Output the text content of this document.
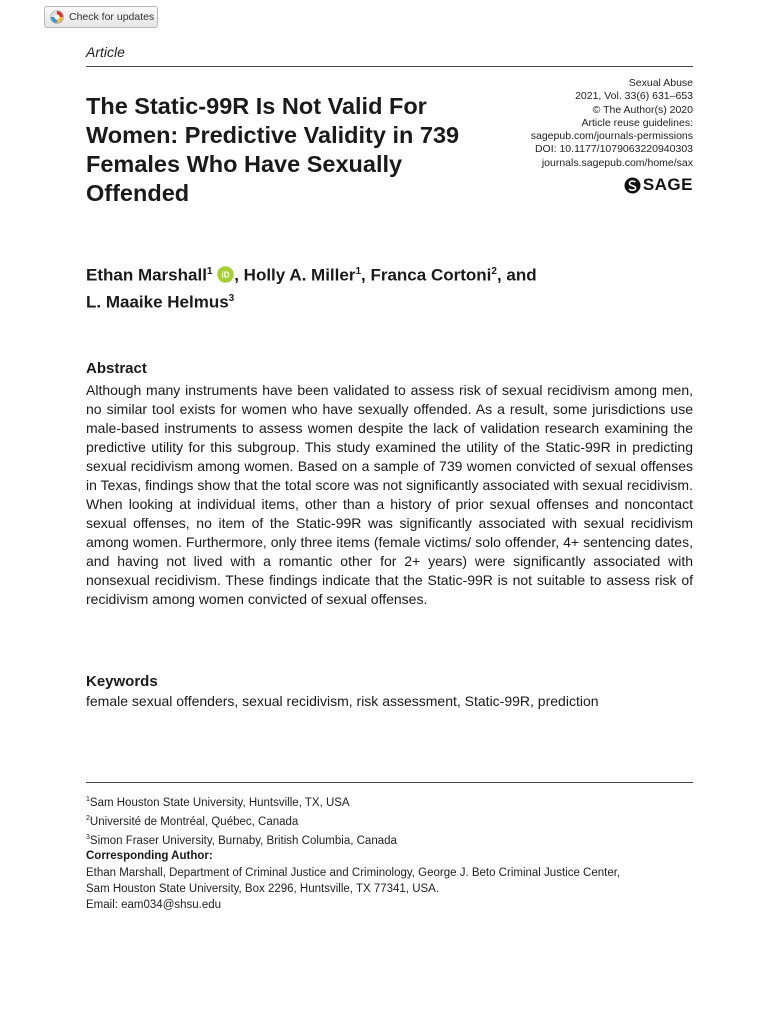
Check for updates
Article
The Static-99R Is Not Valid For Women: Predictive Validity in 739 Females Who Have Sexually Offended
Sexual Abuse
2021, Vol. 33(6) 631–653
© The Author(s) 2020
Article reuse guidelines:
sagepub.com/journals-permissions
DOI: 10.1177/1079063220940303
journals.sagepub.com/home/sax
SAGE
Ethan Marshall$^1$ iD , Holly A. Miller$^1$, Franca Cortoni$^2$, and
L. Maaike Helmus$^3$
Abstract

Although many instruments have been validated to assess risk of sexual recidivism among men, no similar tool exists for women who have sexually offended. As a result, some jurisdictions use male-based instruments to assess women despite the lack of validation research examining the predictive utility for this subgroup. This study examined the utility of the Static-99R in predicting sexual recidivism among women. Based on a sample of 739 women convicted of sexual offenses in Texas, findings show that the total score was not significantly associated with sexual recidivism. When looking at individual items, other than a history of prior sexual offenses and noncontact sexual offenses, no item of the Static-99R was significantly associated with sexual recidivism among women. Furthermore, only three items (female victims/ solo offender, 4+ sentencing dates, and having not lived with a romantic other for 2+ years) were significantly associated with nonsexual recidivism. These findings indicate that the Static-99R is not suitable to assess risk of recidivism among women convicted of sexual offenses.

Keywords
female sexual offenders, sexual recidivism, risk assessment, Static-99R, prediction
$^1$Sam Houston State University, Huntsville, TX, USA
$^2$Université de Montréal, Québec, Canada
$^3$Simon Fraser University, Burnaby, British Columbia, Canada
Corresponding Author:
Ethan Marshall, Department of Criminal Justice and Criminology, George J. Beto Criminal Justice Center,
Sam Houston State University, Box 2296, Huntsville, TX 77341, USA.
Email: eam034@shsu.edu
